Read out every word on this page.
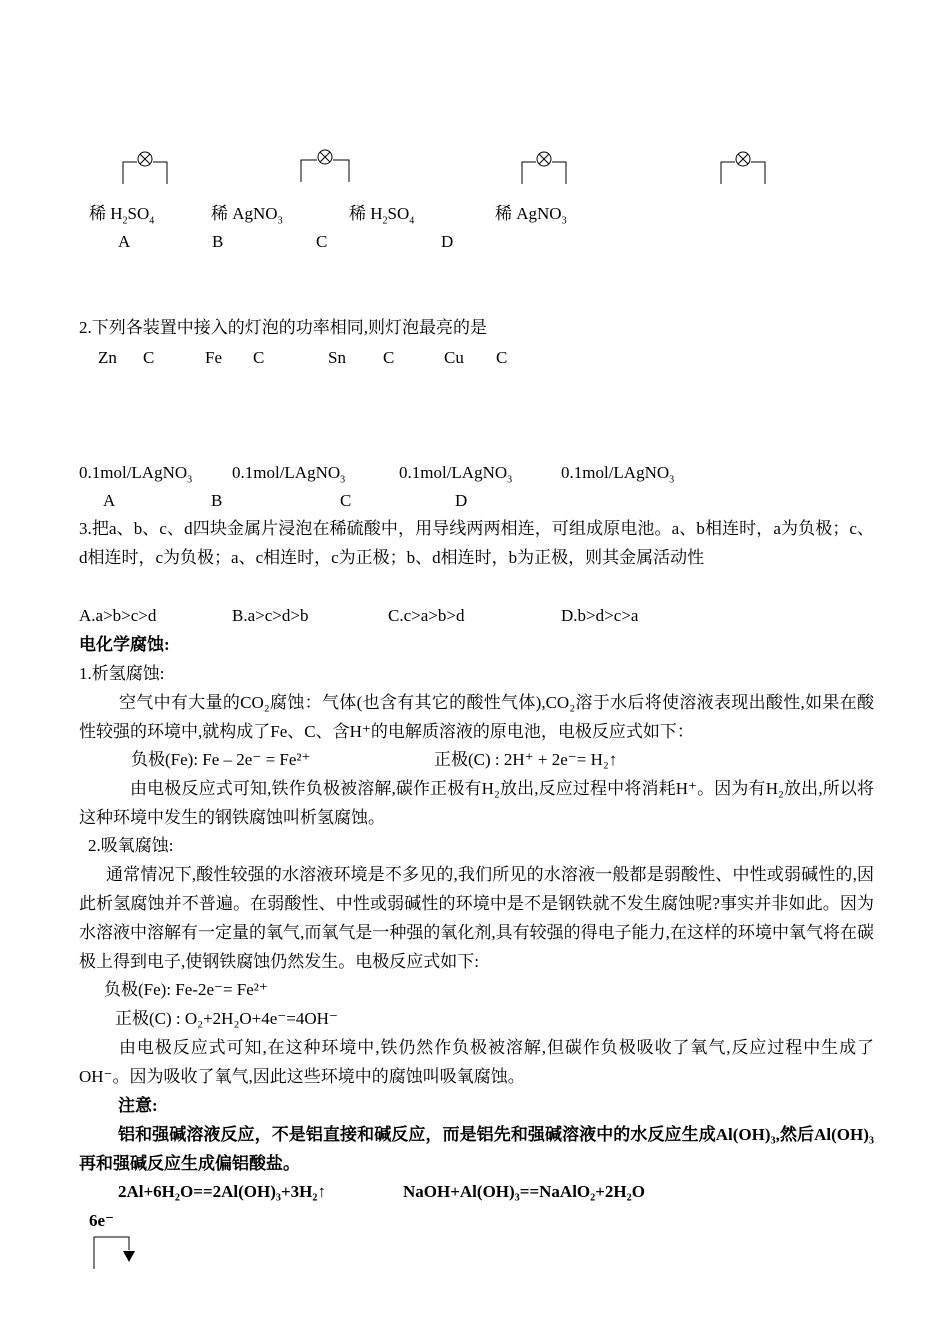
稀 $H_2SO_4$	稀 AgNO$_3$	稀 $H_2SO_4$	稀 AgNO$_3$
A	B	C	D
2.下列各装置中接入的灯泡的功率相同,则灯泡最亮的是
Zn C	Fe C	Sn C	Cu C
0.1mol/LAgNO$_3$ 0.1mol/LAgNO$_3$	0.1mol/LAgNO$_3$	0.1mol/LAgNO$_3$
A	B	C	D
3.把a、b、c、d四块金属片浸泡在稀硫酸中，用导线两两相连，可组成原电池。a、b相连时，a为负极；c、d相连时，c为负极；a、c相连时，c为正极；b、d相连时，b为正极，则其金属活动性
A.a>b>c>d	B.a>c>d>b	C.c>a>b>d	D.b>d>c>a
电化学腐蚀:
1.析氢腐蚀:
空气中有大量的CO₂腐蚀：气体(也含有其它的酸性气体),CO₂溶于水后将使溶液表现出酸性,如果在酸性较强的环境中,就构成了Fe、C、含H⁺的电解质溶液的原电池，电极反应式如下：
负极(Fe): Fe – 2e⁻ = Fe²⁺	正极(C) : 2H⁺ + 2e⁻= H₂↑
由电极反应式可知,铁作负极被溶解,碳作正极有H₂放出,反应过程中将消耗H⁺。因为有H₂放出,所以将这种环境中发生的钢铁腐蚀叫析氢腐蚀。
2.吸氧腐蚀:
通常情况下,酸性较强的水溶液环境是不多见的,我们所见的水溶液一般都是弱酸性、中性或弱碱性的,因此析氢腐蚀并不普遍。在弱酸性、中性或弱碱性的环境中是不是钢铁就不发生腐蚀呢?事实并非如此。因为水溶液中溶解有一定量的氧气,而氧气是一种强的氧化剂,具有较强的得电子能力,在这样的环境中氧气将在碳极上得到电子,使钢铁腐蚀仍然发生。电极反应式如下:
负极(Fe): Fe-2e⁻= Fe²⁺
正极(C) : O₂+2H₂O+4e⁻=4OH⁻
由电极反应式可知,在这种环境中,铁仍然作负极被溶解,但碳作负极吸收了氧气,反应过程中生成了OH⁻。因为吸收了氧气,因此这些环境中的腐蚀叫吸氧腐蚀。
注意:
铝和强碱溶液反应，不是铝直接和碱反应，而是铝先和强碱溶液中的水反应生成Al(OH)₃,然后Al(OH)₃再和强碱反应生成偏铝酸盐。
2Al+6H₂O==2Al(OH)₃+3H₂↑	NaOH+Al(OH)₃==NaAlO₂+2H₂O
6e⁻
